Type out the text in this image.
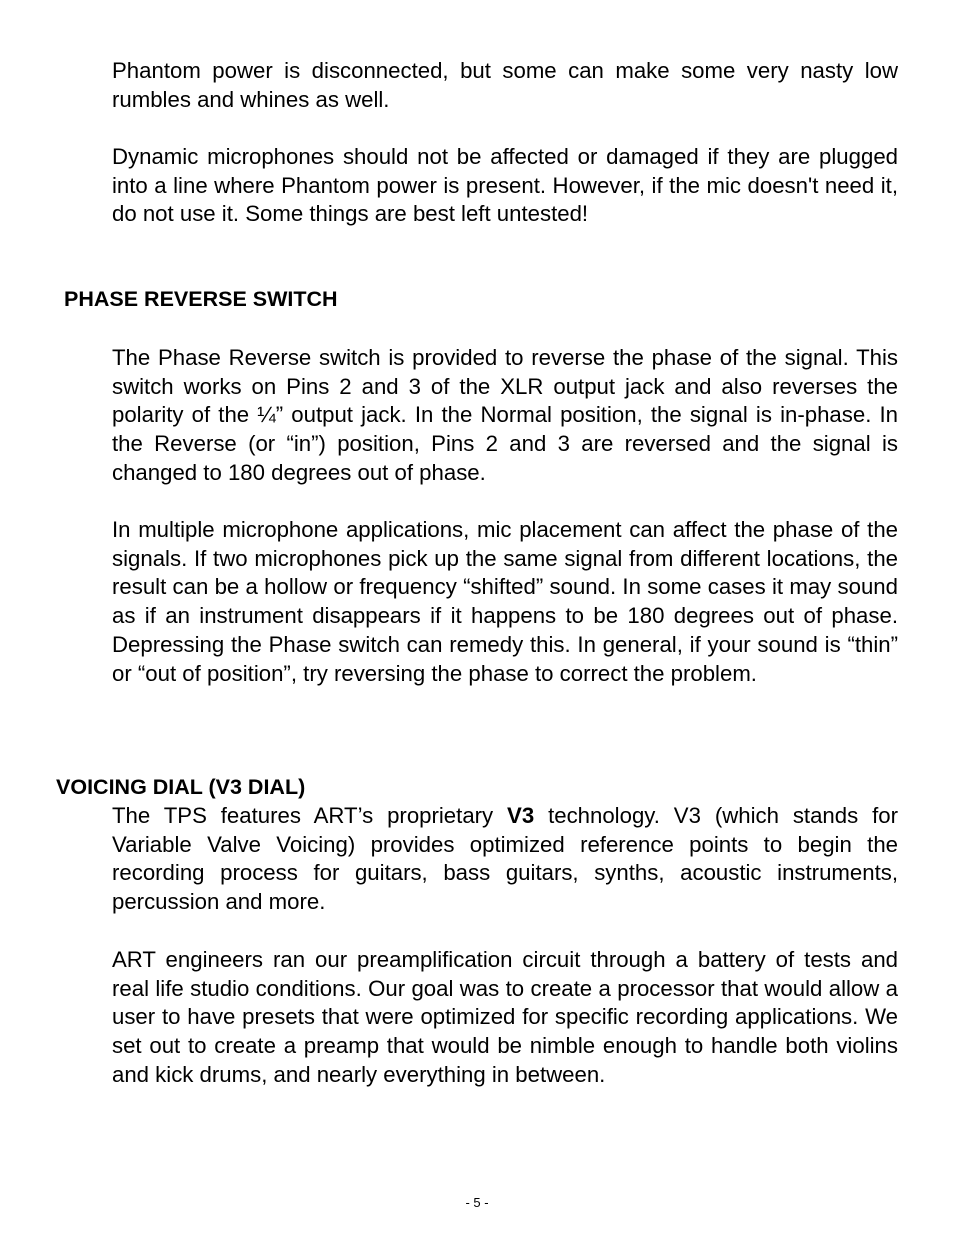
Phantom power is disconnected, but some can make some very nasty low rumbles and whines as well.

Dynamic microphones should not be affected or damaged if they are plugged into a line where Phantom power is present. However, if the mic doesn't need it, do not use it. Some things are best left untested!

PHASE REVERSE SWITCH

The Phase Reverse switch is provided to reverse the phase of the signal. This switch works on Pins 2 and 3 of the XLR output jack and also reverses the polarity of the ¼” output jack. In the Normal position, the signal is in-phase. In the Reverse (or “in”) position, Pins 2 and 3 are reversed and the signal is changed to 180 degrees out of phase.

In multiple microphone applications, mic placement can affect the phase of the signals. If two microphones pick up the same signal from different locations, the result can be a hollow or frequency “shifted” sound. In some cases it may sound as if an instrument disappears if it happens to be 180 degrees out of phase. Depressing the Phase switch can remedy this. In general, if your sound is “thin” or “out of position”, try reversing the phase to correct the problem.

VOICING DIAL (V3 DIAL)

The TPS features ART’s proprietary V3 technology. V3 (which stands for Variable Valve Voicing) provides optimized reference points to begin the recording process for guitars, bass guitars, synths, acoustic instruments, percussion and more.

ART engineers ran our preamplification circuit through a battery of tests and real life studio conditions. Our goal was to create a processor that would allow a user to have presets that were optimized for specific recording applications. We set out to create a preamp that would be nimble enough to handle both violins and kick drums, and nearly everything in between.

- 5 -
